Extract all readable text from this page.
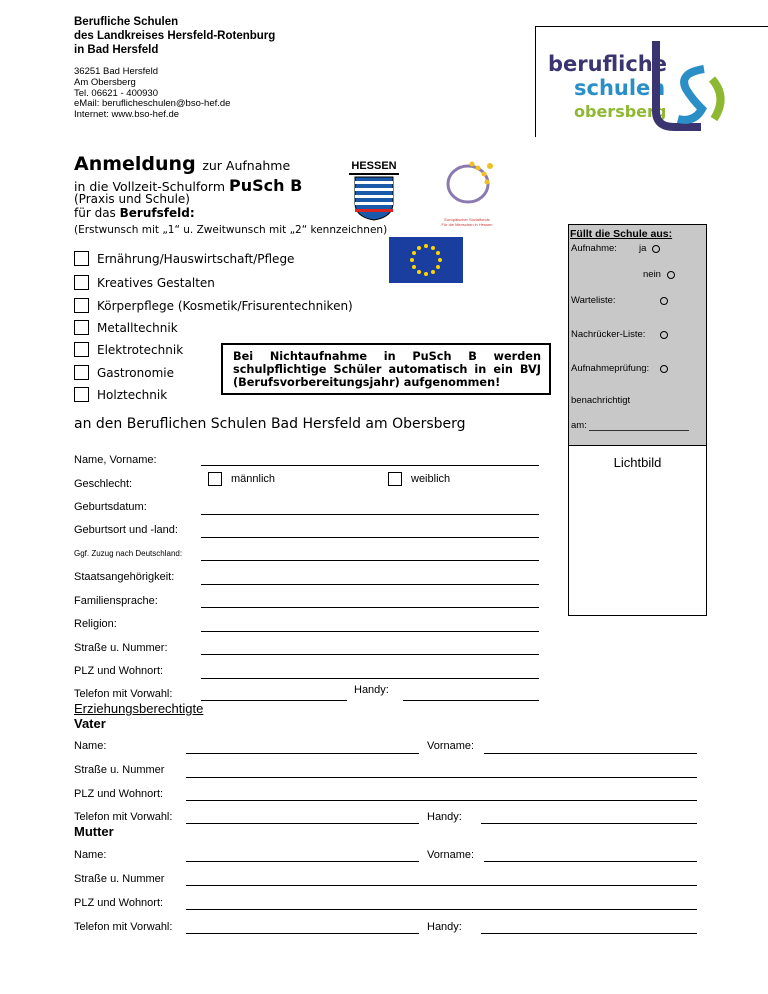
Berufliche Schulen
des Landkreises Hersfeld-Rotenburg
in Bad Hersfeld
36251 Bad Hersfeld
Am Obersberg
Tel. 06621 - 400930
eMail: beruflicheschulen@bso-hef.de
Internet: www.bso-hef.de
berufliche
schulen
obersberg
Anmeldung zur Aufnahme
in die Vollzeit-Schulform PuSch B
(Praxis und Schule)
für das Berufsfeld:
(Erstwunsch mit „1“ u. Zweitwunsch mit „2“ kennzeichnen)
HESSEN
Europäischer Sozialfonds
Für die Menschen in Hessen
Ernährung/Hauswirtschaft/Pflege
Kreatives Gestalten
Körperpflege (Kosmetik/Frisurentechniken)
Metalltechnik
Elektrotechnik
Gastronomie
Holztechnik
Bei Nichtaufnahme in PuSch B werden schulpflichtige Schüler automatisch in ein BVJ (Berufsvorbereitungsjahr) aufgenommen!
an den Beruflichen Schulen Bad Hersfeld am Obersberg
Füllt die Schule aus:
Aufnahme: ja
nein
Warteliste:
Nachrücker-Liste:
Aufnahmeprüfung:
benachrichtigt
am:
Lichtbild
Name, Vorname:
Geschlecht:	männlich	weiblich
Geburtsdatum:
Geburtsort und -land:
Ggf. Zuzug nach Deutschland:
Staatsangehörigkeit:
Familiensprache:
Religion:
Straße u. Nummer:
PLZ und Wohnort:
Telefon mit Vorwahl:	Handy:
Erziehungsberechtigte
Vater
Name:	Vorname:
Straße u. Nummer
PLZ und Wohnort:
Telefon mit Vorwahl:	Handy:
Mutter
Name:	Vorname:
Straße u. Nummer
PLZ und Wohnort:
Telefon mit Vorwahl:	Handy:
